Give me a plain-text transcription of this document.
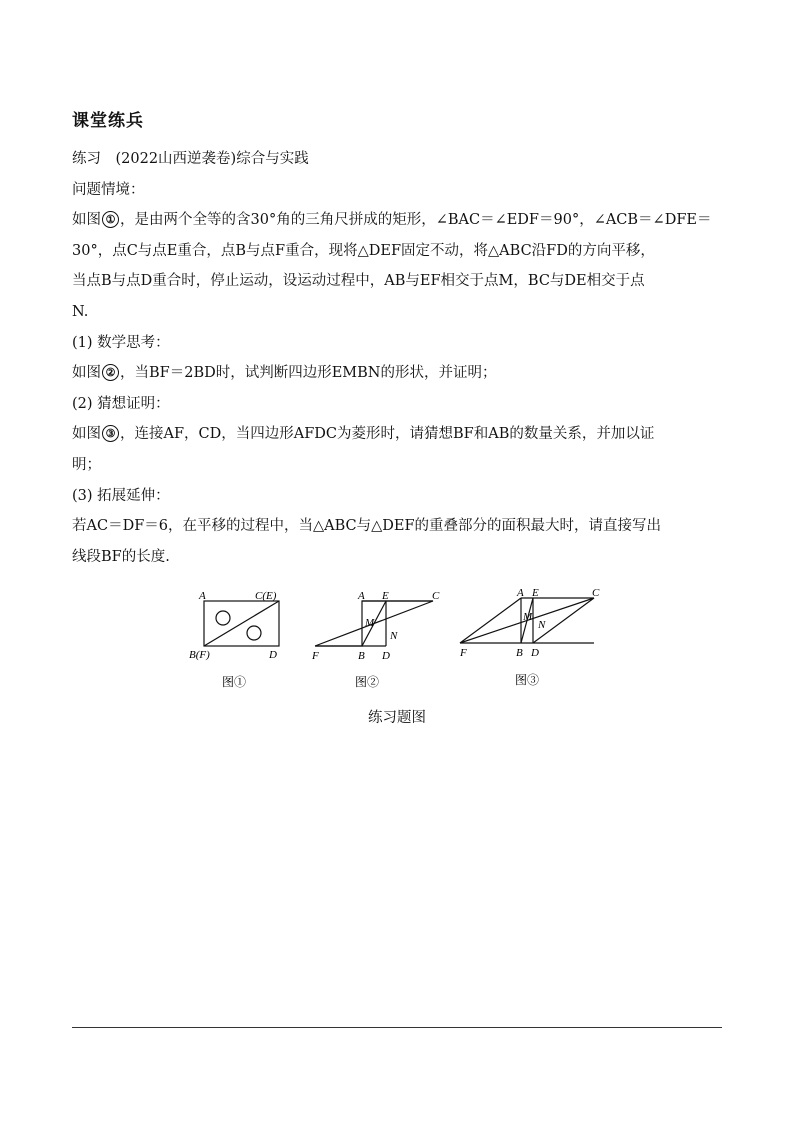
课堂练兵

练习　(2022山西逆袭卷)综合与实践

问题情境：

如图 ① ，是由两个全等的含30°角的三角尺拼成的矩形，∠BAC＝∠EDF＝90°，∠ACB＝∠DFE＝

30°，点C与点E重合，点B与点F重合，现将△DEF固定不动，将△ABC沿FD的方向平移，

当点B与点D重合时，停止运动，设运动过程中，AB与EF相交于点M，BC与DE相交于点

N.

(1) 数学思考：

如图 ② ，当BF＝2BD时，试判断四边形EMBN的形状，并证明；

(2) 猜想证明：

如图 ③ ，连接AF，CD，当四边形AFDC为菱形时，请猜想BF和AB的数量关系，并加以证

明；

(3) 拓展延伸：

若AC＝DF＝6，在平移的过程中，当△ABC与△DEF的重叠部分的面积最大时，请直接写出

线段BF的长度.

A	C(E)
B(F)	D
图①
A E	C
M
N
F	B D
图②
A E	C
M
N
F	B D
图③
练习题图
